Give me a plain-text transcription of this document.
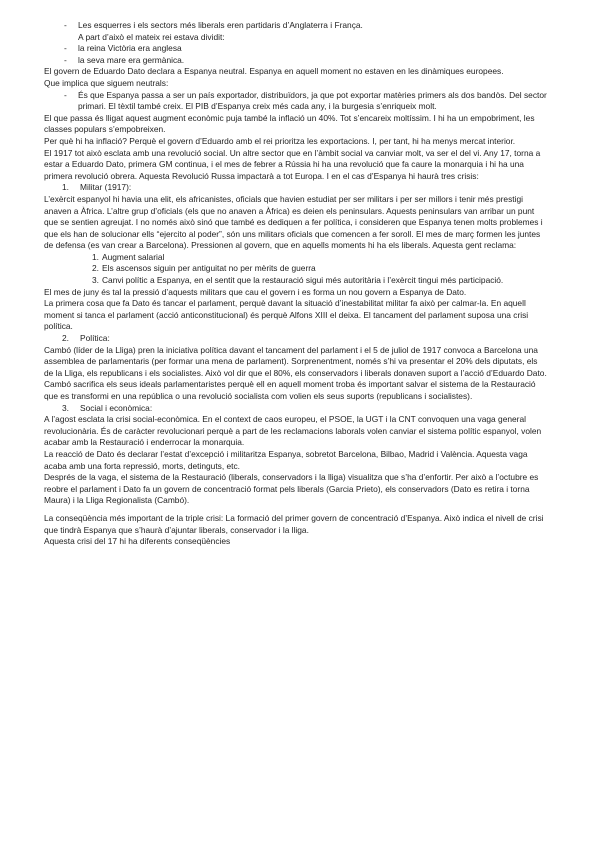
- Les esquerres i els sectors més liberals eren partidaris d’Anglaterra i França.
A part d’això el mateix rei estava dividit:
- la reina Victòria era anglesa
- la seva mare era germànica.

El govern de Eduardo Dato declara a Espanya neutral. Espanya en aquell moment no estaven en les dinàmiques europees.

Que implica que siguem neutrals:

- És que Espanya passa a ser un país exportador, distribuïdors, ja que pot exportar matèries primers als dos bandòs. Del sector primari. El tèxtil també creix. El PIB d’Espanya creix més cada any, i la burgesia s’enriqueix molt.

El que passa és lligat aquest augment econòmic puja també la inflació un 40%. Tot s’encareix moltíssim. I hi ha un empobriment, les classes populars s’empobreixen.

Per què hi ha inflació? Perquè el govern d’Eduardo amb el rei prioritza les exportacions. I, per tant, hi ha menys mercat interior.

El 1917 tot això esclata amb una revolució social. Un altre sector que en l’àmbit social va canviar molt, va ser el del vi. Any 17, torna a estar a Eduardo Dato, primera GM continua, i el mes de febrer a Rússia hi ha una revolució que fa caure la monarquia i hi ha una primera revolució obrera. Aquesta Revolució Russa impactarà a tot Europa. I en el cas d’Espanya hi haurà tres crisis:

1. Militar (1917):

L’exèrcit espanyol hi havia una elit, els africanistes, oficials que havien estudiat per ser militars i per ser millors i tenir més prestigi anaven a Àfrica. L’altre grup d’oficials (els que no anaven a Àfrica) es deien els peninsulars. Aquests peninsulars van arribar un punt que se sentien agreujat. I no només això sinó que també es dediquen a fer política, i consideren que Espanya tenen molts problemes i que els han de solucionar ells “ejercito al poder”, són uns militars oficials que comencen a fer soroll. El mes de març formen les juntes de defensa (es van crear a Barcelona). Pressionen al govern, que en aquells moments hi ha els liberals. Aquesta gent reclama:

1. Augment salarial
2. Els ascensos siguin per antiguitat no per mèrits de guerra
3. Canvi polític a Espanya, en el sentit que la restauració sigui més autoritària i l’exèrcit tingui més participació.

El mes de juny és tal la pressió d’aquests militars que cau el govern i es forma un nou govern a Espanya de Dato.

La primera cosa que fa Dato és tancar el parlament, perquè davant la situació d’inestabilitat militar fa això per calmar-la. En aquell moment si tanca el parlament (acció anticonstitucional) és perquè Alfons XIII el deixa. El tancament del parlament suposa una crisi política.

2. Política:

Cambó (líder de la Lliga) pren la iniciativa política davant el tancament del parlament i el 5 de juliol de 1917 convoca a Barcelona una assemblea de parlamentaris (per formar una mena de parlament). Sorprenentment, només s’hi va presentar el 20% dels diputats, els de la Lliga, els republicans i els socialistes. Això vol dir que el 80%, els conservadors i liberals donaven suport a l’acció d’Eduardo Dato.

Cambó sacrifica els seus ideals parlamentaristes perquè ell en aquell moment troba és important salvar el sistema de la Restauració que es transformi en una república o una revolució socialista com volien els seus suports (republicans i socialistes).

3. Social i econòmica:

A l’agost esclata la crisi social-econòmica. En el context de caos europeu, el PSOE, la UGT i la CNT convoquen una vaga general revolucionària. És de caràcter revolucionari perquè a part de les reclamacions laborals volen canviar el sistema polític espanyol, volen acabar amb la Restauració i enderrocar la monarquia.

La reacció de Dato és declarar l’estat d’excepció i militaritza Espanya, sobretot Barcelona, Bilbao, Madrid i València. Aquesta vaga acaba amb una forta repressió, morts, detinguts, etc.

Després de la vaga, el sistema de la Restauració (liberals, conservadors i la lliga) visualitza que s’ha d’enfortir. Per això a l’octubre es reobre el parlament i Dato fa un govern de concentració format pels liberals (Garcia Prieto), els conservadors (Dato es retira i torna Maura) i la Lliga Regionalista (Cambó).

La conseqüència més important de la triple crisi: La formació del primer govern de concentració d’Espanya. Això indica el nivell de crisi que tindrà Espanya que s’haurà d’ajuntar liberals, conservador i la lliga.

Aquesta crisi del 17 hi ha diferents conseqüències
